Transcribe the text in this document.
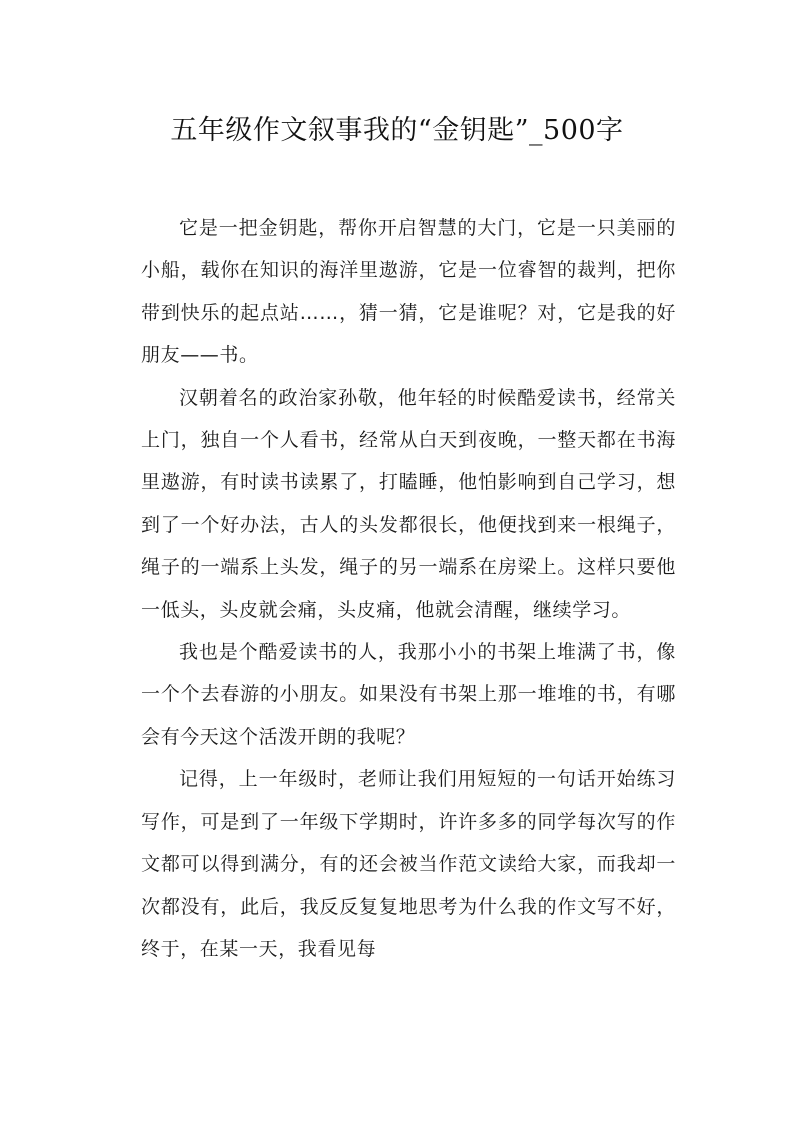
五年级作文叙事我的“金钥匙”_500字

它是一把金钥匙，帮你开启智慧的大门，它是一只美丽的小船，载你在知识的海洋里遨游，它是一位睿智的裁判，把你带到快乐的起点站……，猜一猜，它是谁呢？对，它是我的好朋友——书。

汉朝着名的政治家孙敬，他年轻的时候酷爱读书，经常关上门，独自一个人看书，经常从白天到夜晚，一整天都在书海里遨游，有时读书读累了，打瞌睡，他怕影响到自己学习，想到了一个好办法，古人的头发都很长，他便找到来一根绳子，绳子的一端系上头发，绳子的另一端系在房梁上。这样只要他一低头，头皮就会痛，头皮痛，他就会清醒，继续学习。

我也是个酷爱读书的人，我那小小的书架上堆满了书，像一个个去春游的小朋友。如果没有书架上那一堆堆的书，有哪会有今天这个活泼开朗的我呢？

记得，上一年级时，老师让我们用短短的一句话开始练习写作，可是到了一年级下学期时，许许多多的同学每次写的作文都可以得到满分，有的还会被当作范文读给大家，而我却一次都没有，此后，我反反复复地思考为什么我的作文写不好，终于，在某一天，我看见每
